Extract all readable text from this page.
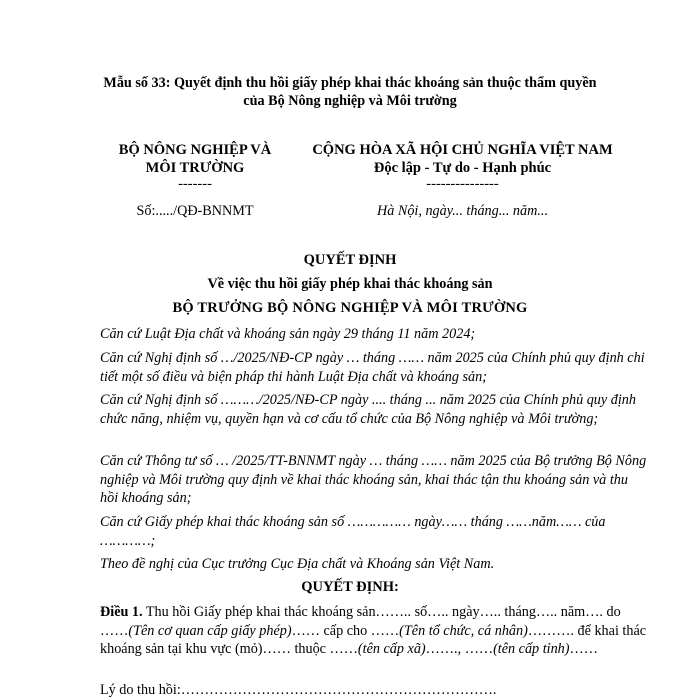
Mẫu số 33: Quyết định thu hồi giấy phép khai thác khoáng sản thuộc thẩm quyền
của Bộ Nông nghiệp và Môi trường
BỘ NÔNG NGHIỆP VÀ
MÔI TRƯỜNG
-------
Số:...../QĐ-BNNMT
CỘNG HÒA XÃ HỘI CHỦ NGHĨA VIỆT NAM
Độc lập - Tự do - Hạnh phúc
---------------
Hà Nội, ngày... tháng... năm...
QUYẾT ĐỊNH
Về việc thu hồi giấy phép khai thác khoáng sản
BỘ TRƯỞNG BỘ NÔNG NGHIỆP VÀ MÔI TRƯỜNG
Căn cứ Luật Địa chất và khoáng sản ngày 29 tháng 11 năm 2024;
Căn cứ Nghị định số …/2025/NĐ-CP ngày … tháng …… năm 2025 của Chính phủ quy định chi tiết một số điều và biện pháp thi hành Luật Địa chất và khoáng sản;
Căn cứ Nghị định số ………/2025/NĐ-CP ngày .... tháng ... năm 2025 của Chính phủ quy định chức năng, nhiệm vụ, quyền hạn và cơ cấu tổ chức của Bộ Nông nghiệp và Môi trường;
Căn cứ Thông tư số … /2025/TT-BNNMT ngày … tháng …… năm 2025 của Bộ trưởng Bộ Nông nghiệp và Môi trường quy định về khai thác khoáng sản, khai thác tận thu khoáng sản và thu hồi khoáng sản;
Căn cứ Giấy phép khai thác khoáng sản số …………… ngày…… tháng ……năm…… của …………;
Theo đề nghị của Cục trưởng Cục Địa chất và Khoáng sản Việt Nam.
QUYẾT ĐỊNH:
Điều 1. Thu hồi Giấy phép khai thác khoáng sản…….. số….. ngày….. tháng….. năm…. do ……(Tên cơ quan cấp giấy phép)…… cấp cho ……(Tên tổ chức, cá nhân)………. để khai thác khoáng sản tại khu vực (mỏ)…… thuộc ……(tên cấp xã)……., ……(tên cấp tỉnh)……
Lý do thu hồi:………………………………………………………….
